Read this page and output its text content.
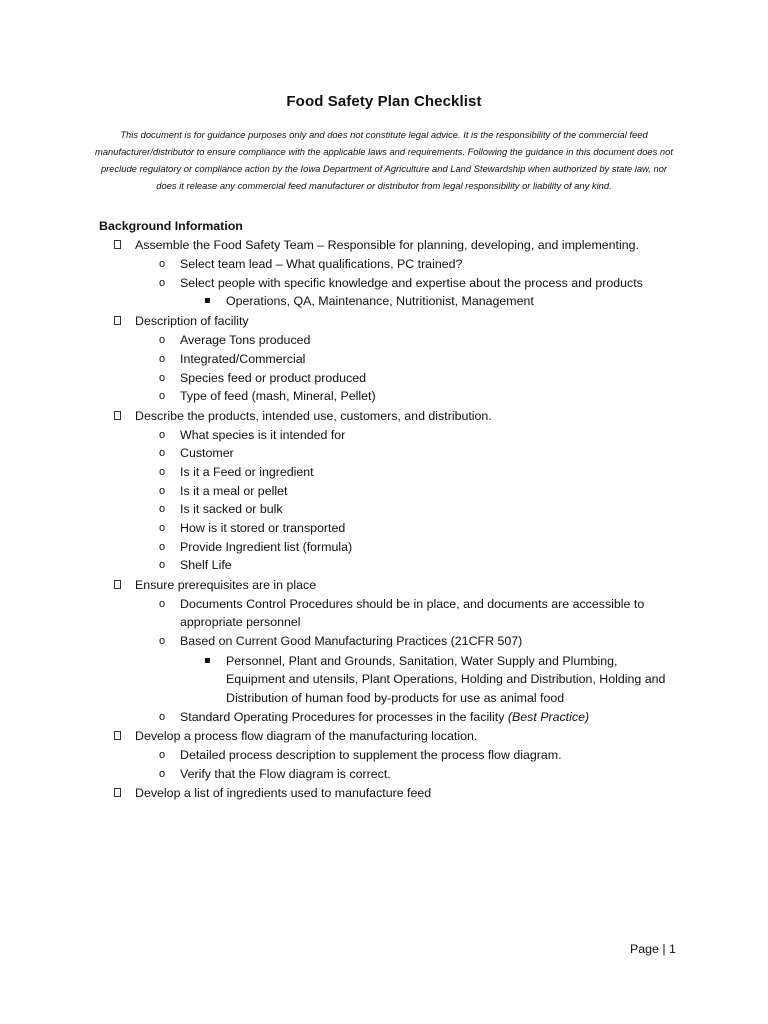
Food Safety Plan Checklist
This document is for guidance purposes only and does not constitute legal advice. It is the responsibility of the commercial feed manufacturer/distributor to ensure compliance with the applicable laws and requirements. Following the guidance in this document does not preclude regulatory or compliance action by the Iowa Department of Agriculture and Land Stewardship when authorized by state law, nor does it release any commercial feed manufacturer or distributor from legal responsibility or liability of any kind.
Background Information
Assemble the Food Safety Team – Responsible for planning, developing, and implementing.
o Select team lead – What qualifications, PC trained?
o Select people with specific knowledge and expertise about the process and products
Operations, QA, Maintenance, Nutritionist, Management
Description of facility
o Average Tons produced
o Integrated/Commercial
o Species feed or product produced
o Type of feed (mash, Mineral, Pellet)
Describe the products, intended use, customers, and distribution.
o What species is it intended for
o Customer
o Is it a Feed or ingredient
o Is it a meal or pellet
o Is it sacked or bulk
o How is it stored or transported
o Provide Ingredient list (formula)
o Shelf Life
Ensure prerequisites are in place
o Documents Control Procedures should be in place, and documents are accessible to
appropriate personnel
o Based on Current Good Manufacturing Practices (21CFR 507)
Personnel, Plant and Grounds, Sanitation, Water Supply and Plumbing,
Equipment and utensils, Plant Operations, Holding and Distribution, Holding and
Distribution of human food by-products for use as animal food
o Standard Operating Procedures for processes in the facility (Best Practice)
Develop a process flow diagram of the manufacturing location.
o Detailed process description to supplement the process flow diagram.
o Verify that the Flow diagram is correct.
Develop a list of ingredients used to manufacture feed
Page | 1
